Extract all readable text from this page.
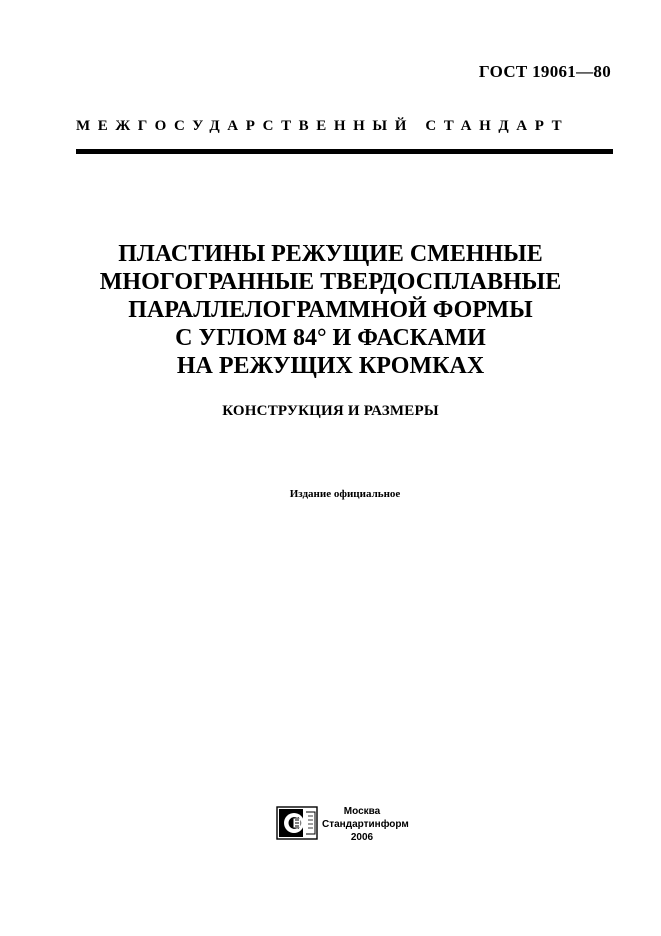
ГОСТ 19061—80
МЕЖГОСУДАРСТВЕННЫЙ СТАНДАРТ
ПЛАСТИНЫ РЕЖУЩИЕ СМЕННЫЕ
МНОГОГРАННЫЕ ТВЕРДОСПЛАВНЫЕ
ПАРАЛЛЕЛОГРАММНОЙ ФОРМЫ
С УГЛОМ 84° И ФАСКАМИ
НА РЕЖУЩИХ КРОМКАХ
КОНСТРУКЦИЯ И РАЗМЕРЫ
Издание официальное
Москва
Стандартинформ
2006
